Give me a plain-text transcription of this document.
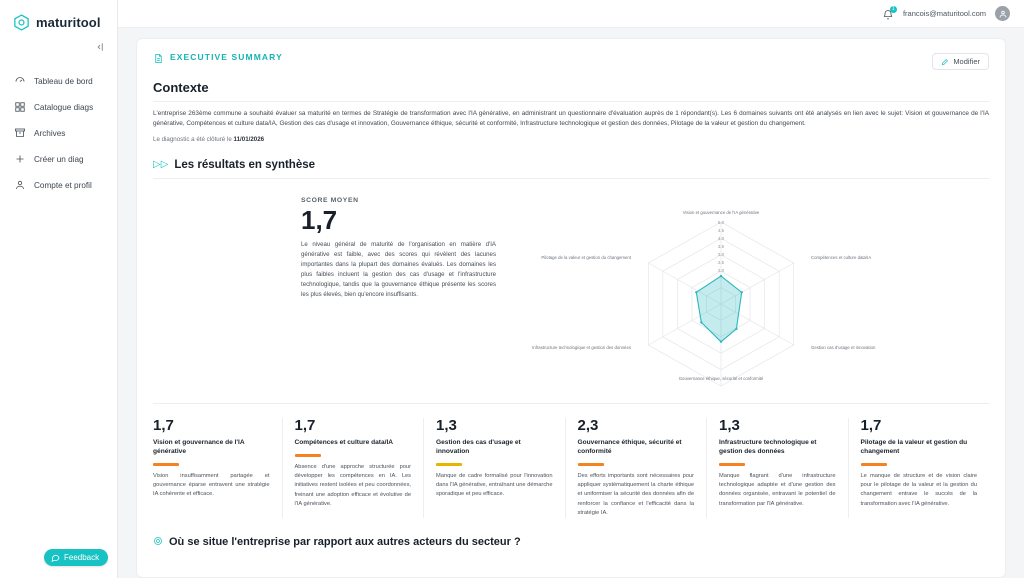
maturitool
Tableau de bord
Catalogue diags
Archives
Créer un diag
Compte et profil
Feedback
1
francois@maturitool.com
EXECUTIVE SUMMARY	Modifier
Contexte

L'entreprise 263ème commune a souhaité évaluer sa maturité en termes de Stratégie de transformation avec l'IA générative, en administrant un questionnaire d'évaluation auprès de 1 répondant(s). Les 6 domaines suivants ont été analysés en lien avec le sujet: Vision et gouvernance de l'IA générative, Compétences et culture data/IA, Gestion des cas d'usage et innovation, Gouvernance éthique, sécurité et conformité, Infrastructure technologique et gestion des données, Pilotage de la valeur et gestion du changement.

Le diagnostic a été clôturé le 11/01/2026

▷▷ Les résultats en synthèse
SCORE MOYEN
1,7
Le niveau général de maturité de l'organisation en matière d'IA générative est faible, avec des scores qui révèlent des lacunes importantes dans la plupart des domaines évalués. Les domaines les plus faibles incluent la gestion des cas d'usage et l'infrastructure technologique, tandis que la gouvernance éthique présente les scores les plus élevés, bien qu'encore insuffisants.
5.0
4.5
4.0
3.5
3.0
2.5
2.0
Vision et gouvernance de l'IA générative
Compétences et culture data/IA
Gestion cas d'usage et innovation
Gouvernance éthique, sécurité et conformité
Infrastructure technologique et gestion des données
Pilotage de la valeur et gestion du changement
1,7
Vision et gouvernance de l'IA générative
Vision insuffisamment partagée et gouvernance éparse entravent une stratégie IA cohérente et efficace.
1,7
Compétences et culture data/IA
Absence d'une approche structurée pour développer les compétences en IA. Les initiatives restent isolées et peu coordonnées, freinant une adoption efficace et évolutive de l'IA générative.
1,3
Gestion des cas d'usage et innovation
Manque de cadre formalisé pour l'innovation dans l'IA générative, entraînant une démarche sporadique et peu efficace.
2,3
Gouvernance éthique, sécurité et conformité
Des efforts importants sont nécessaires pour appliquer systématiquement la charte éthique et uniformiser la sécurité des données afin de renforcer la confiance et l'efficacité dans la stratégie IA.
1,3
Infrastructure technologique et gestion des données
Manque flagrant d'une infrastructure technologique adaptée et d'une gestion des données organisée, entravant le potentiel de transformation par l'IA générative.
1,7
Pilotage de la valeur et gestion du changement
Le manque de structure et de vision claire pour le pilotage de la valeur et la gestion du changement entrave le succès de la transformation avec l'IA générative.
Où se situe l'entreprise par rapport aux autres acteurs du secteur ?
